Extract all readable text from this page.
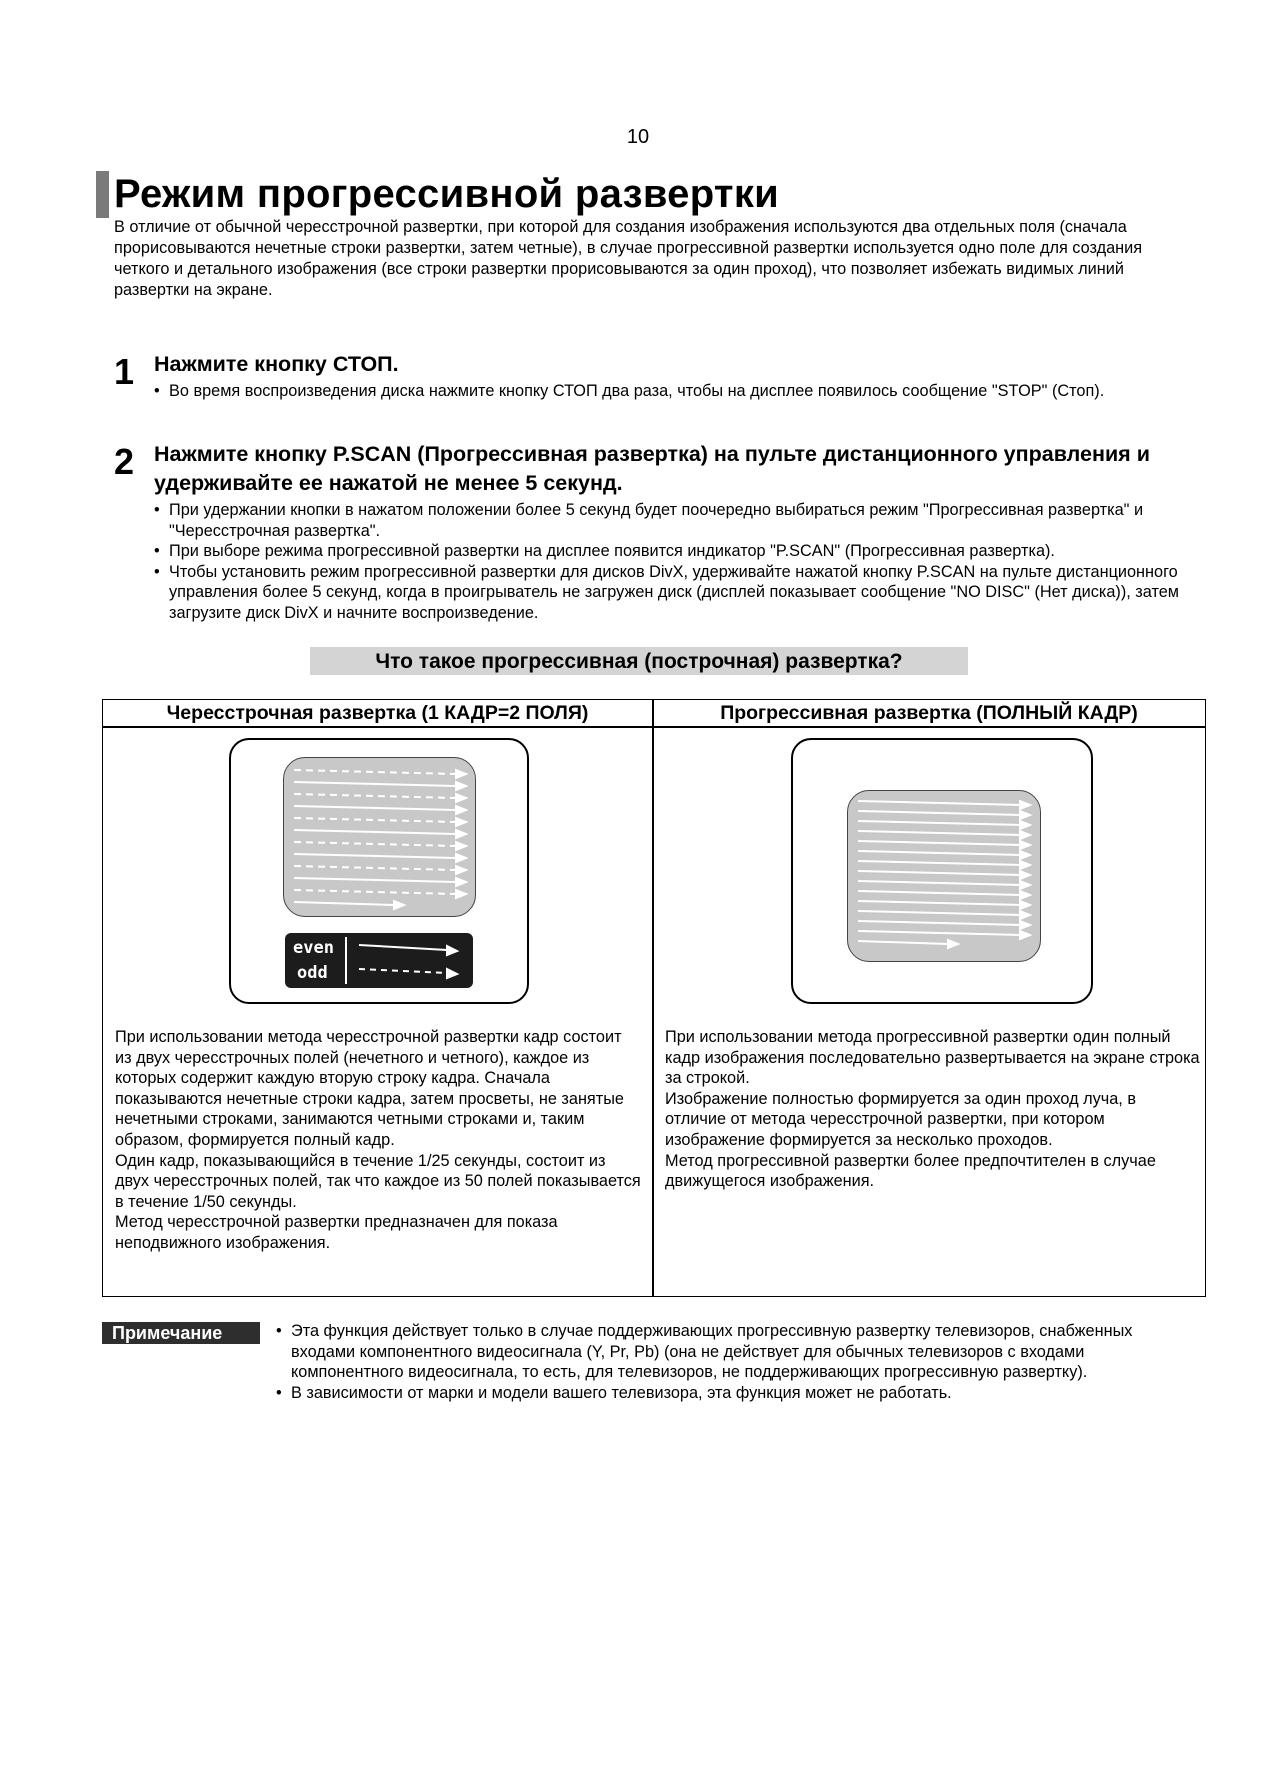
10
Режим прогрессивной развертки

В отличие от обычной чересстрочной развертки, при которой для создания изображения используются два отдельных поля (сначала прорисовываются нечетные строки развертки, затем четные), в случае прогрессивной развертки используется одно поле для создания четкого и детального изображения (все строки развертки прорисовываются за один проход), что позволяет избежать видимых линий развертки на экране.

1 Нажмите кнопку СТОП.
• Во время воспроизведения диска нажмите кнопку СТОП два раза, чтобы на дисплее появилось сообщение "STOP" (Стоп).
2 Нажмите кнопку P.SCAN (Прогрессивная развертка) на пульте дистанционного управления и удерживайте ее нажатой не менее 5 секунд.
• При удержании кнопки в нажатом положении более 5 секунд будет поочередно выбираться режим "Прогрессивная развертка" и "Чересстрочная развертка".
• При выборе режима прогрессивной развертки на дисплее появится индикатор "P.SCAN" (Прогрессивная развертка).
• Чтобы установить режим прогрессивной развертки для дисков DivX, удерживайте нажатой кнопку P.SCAN на пульте дистанционного управления более 5 секунд, когда в проигрыватель не загружен диск (дисплей показывает сообщение "NO DISC" (Нет диска)), затем загрузите диск DivX и начните воспроизведение.
Что такое прогрессивная (построчная) развертка?
Чересстрочная развертка (1 КАДР=2 ПОЛЯ)	Прогрессивная развертка (ПОЛНЫЙ КАДР)
even
odd

При использовании метода чересстрочной развертки кадр состоит из двух чересстрочных полей (нечетного и четного), каждое из которых содержит каждую вторую строку кадра. Сначала показываются нечетные строки кадра, затем просветы, не занятые нечетными строками, занимаются четными строками и, таким образом, формируется полный кадр.

Один кадр, показывающийся в течение 1/25 секунды, состоит из двух чересстрочных полей, так что каждое из 50 полей показывается в течение 1/50 секунды.

Метод чересстрочной развертки предназначен для показа неподвижного изображения.

При использовании метода прогрессивной развертки один полный кадр изображения последовательно развертывается на экране строка за строкой.

Изображение полностью формируется за один проход луча, в отличие от метода чересстрочной развертки, при котором изображение формируется за несколько проходов.

Метод прогрессивной развертки более предпочтителен в случае движущегося изображения.

Примечание
•	Эта функция действует только в случае поддерживающих прогрессивную развертку телевизоров, снабженных входами компонентного видеосигнала (Y, Pr, Pb) (она не действует для обычных телевизоров с входами компонентного видеосигнала, то есть, для телевизоров, не поддерживающих прогрессивную развертку).
• В зависимости от марки и модели вашего телевизора, эта функция может не работать.
